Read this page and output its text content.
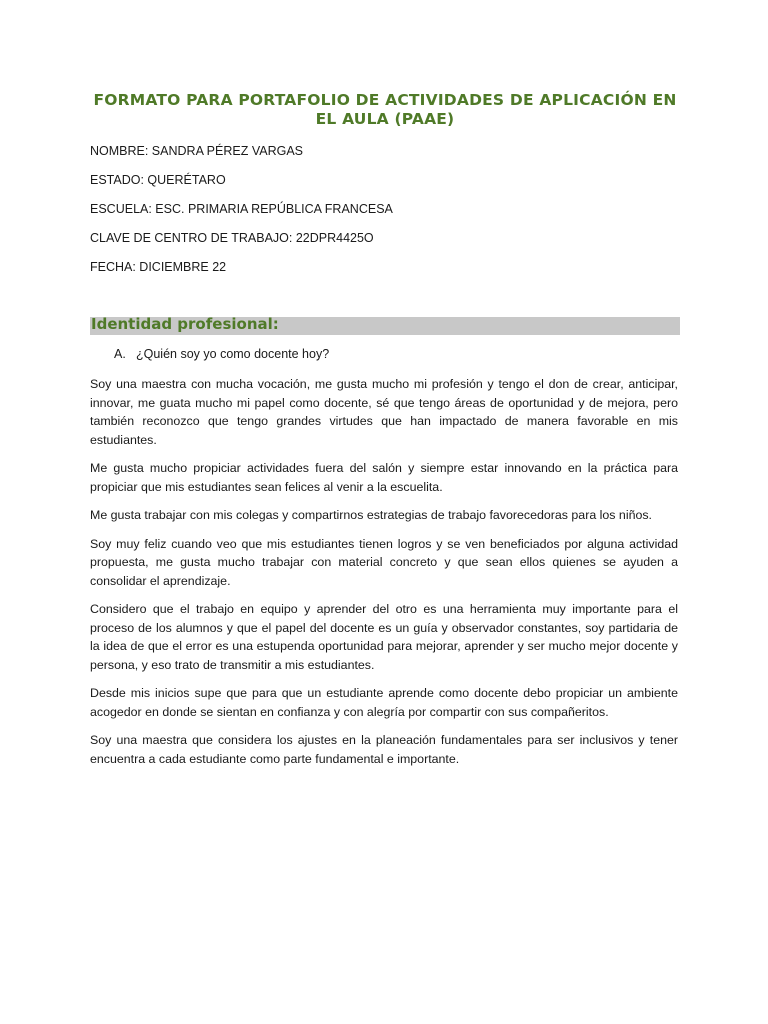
FORMATO PARA PORTAFOLIO DE ACTIVIDADES DE APLICACIÓN EN EL AULA (PAAE)

NOMBRE: SANDRA PÉREZ VARGAS

ESTADO: QUERÉTARO

ESCUELA: ESC. PRIMARIA REPÚBLICA FRANCESA

CLAVE DE CENTRO DE TRABAJO: 22DPR4425O

FECHA: DICIEMBRE 22

Identidad profesional:

A. ¿Quién soy yo como docente hoy?

Soy una maestra con mucha vocación, me gusta mucho mi profesión y tengo el don de crear, anticipar, innovar, me guata mucho mi papel como docente, sé que tengo áreas de oportunidad y de mejora, pero también reconozco que tengo grandes virtudes que han impactado de manera favorable en mis estudiantes.

Me gusta mucho propiciar actividades fuera del salón y siempre estar innovando en la práctica para propiciar que mis estudiantes sean felices al venir a la escuelita.

Me gusta trabajar con mis colegas y compartirnos estrategias de trabajo favorecedoras para los niños.

Soy muy feliz cuando veo que mis estudiantes tienen logros y se ven beneficiados por alguna actividad propuesta, me gusta mucho trabajar con material concreto y que sean ellos quienes se ayuden a consolidar el aprendizaje.

Considero que el trabajo en equipo y aprender del otro es una herramienta muy importante para el proceso de los alumnos y que el papel del docente es un guía y observador constantes, soy partidaria de la idea de que el error es una estupenda oportunidad para mejorar, aprender y ser mucho mejor docente y persona, y eso trato de transmitir a mis estudiantes.

Desde mis inicios supe que para que un estudiante aprende como docente debo propiciar un ambiente acogedor en donde se sientan en confianza y con alegría por compartir con sus compañeritos.

Soy una maestra que considera los ajustes en la planeación fundamentales para ser inclusivos y tener encuentra a cada estudiante como parte fundamental e importante.
